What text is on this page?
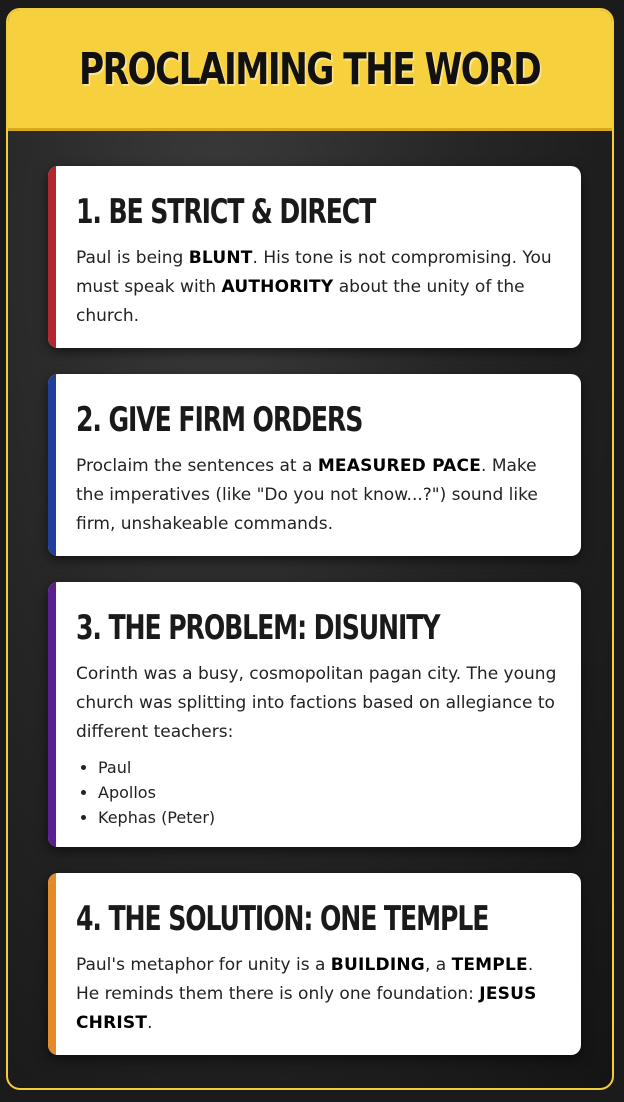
PROCLAIMING THE WORD
1. BE STRICT & DIRECT

Paul is being BLUNT. His tone is not compromising. You must speak with AUTHORITY about the unity of the church.

2. GIVE FIRM ORDERS

Proclaim the sentences at a MEASURED PACE. Make the imperatives (like "Do you not know...?") sound like firm, unshakeable commands.

3. THE PROBLEM: DISUNITY

Corinth was a busy, cosmopolitan pagan city. The young church was splitting into factions based on allegiance to different teachers:

• Paul
• Apollos
• Kephas (Peter)
4. THE SOLUTION: ONE TEMPLE

Paul's metaphor for unity is a BUILDING, a TEMPLE. He reminds them there is only one foundation: JESUS CHRIST.
